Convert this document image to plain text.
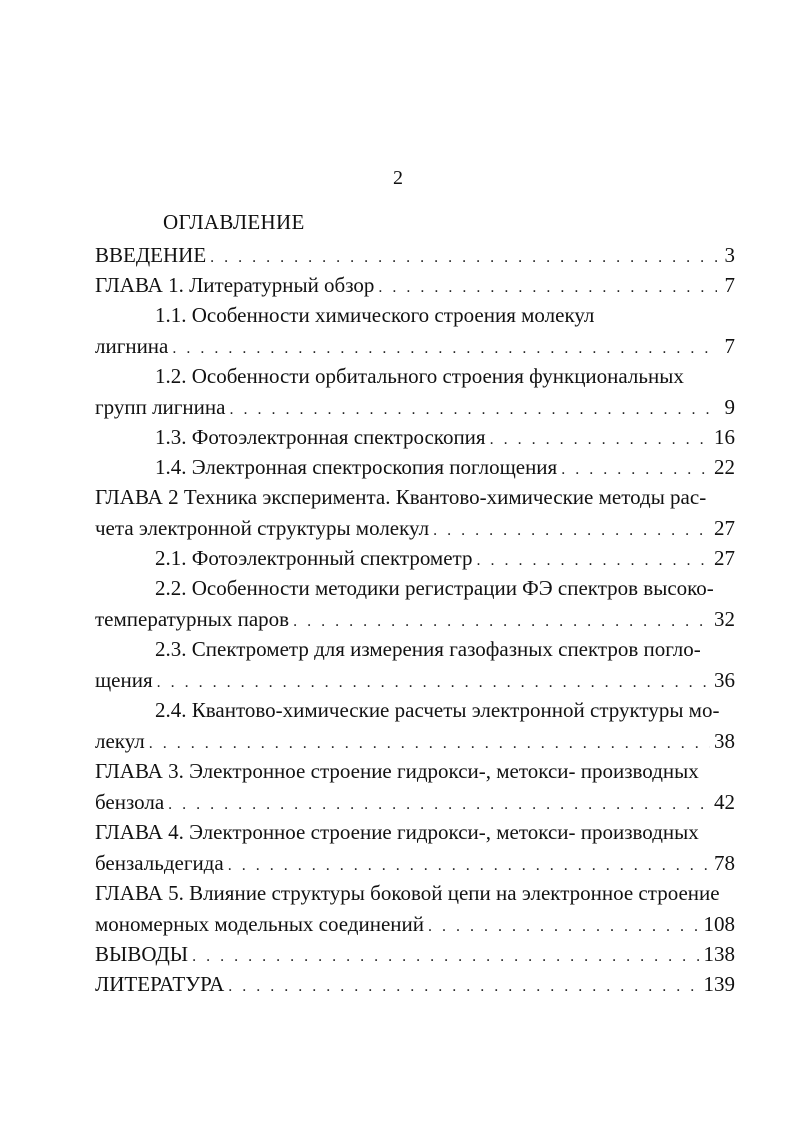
2
ОГЛАВЛЕНИЕ
ВВЕДЕНИЕ . . .	3
ГЛАВА 1. Литературный обзор . . .	7
1.1. Особенности химического строения молекул
лигнина . . .	7
1.2. Особенности орбитального строения функциональных
групп лигнина . . .	9
1.3. Фотоэлектронная спектроскопия . . .	16
1.4. Электронная спектроскопия поглощения . . .	22
ГЛАВА 2 Техника эксперимента. Квантово-химические методы рас-
чета электронной структуры молекул . . .	27
2.1. Фотоэлектронный спектрометр . . .	27
2.2. Особенности методики регистрации ФЭ спектров высоко-
температурных паров . . .	32
2.3. Спектрометр для измерения газофазных спектров погло-
щения . . .	36
2.4. Квантово-химические расчеты электронной структуры мо-
лекул . . .	38
ГЛАВА 3. Электронное строение гидрокси-, метокси- производных
бензола . . .	42
ГЛАВА 4. Электронное строение гидрокси-, метокси- производных
бензальдегида . . .	78
ГЛАВА 5. Влияние структуры боковой цепи на электронное строение
мономерных модельных соединений . . .	108
ВЫВОДЫ . . .	138
ЛИТЕРАТУРА . . .	139
